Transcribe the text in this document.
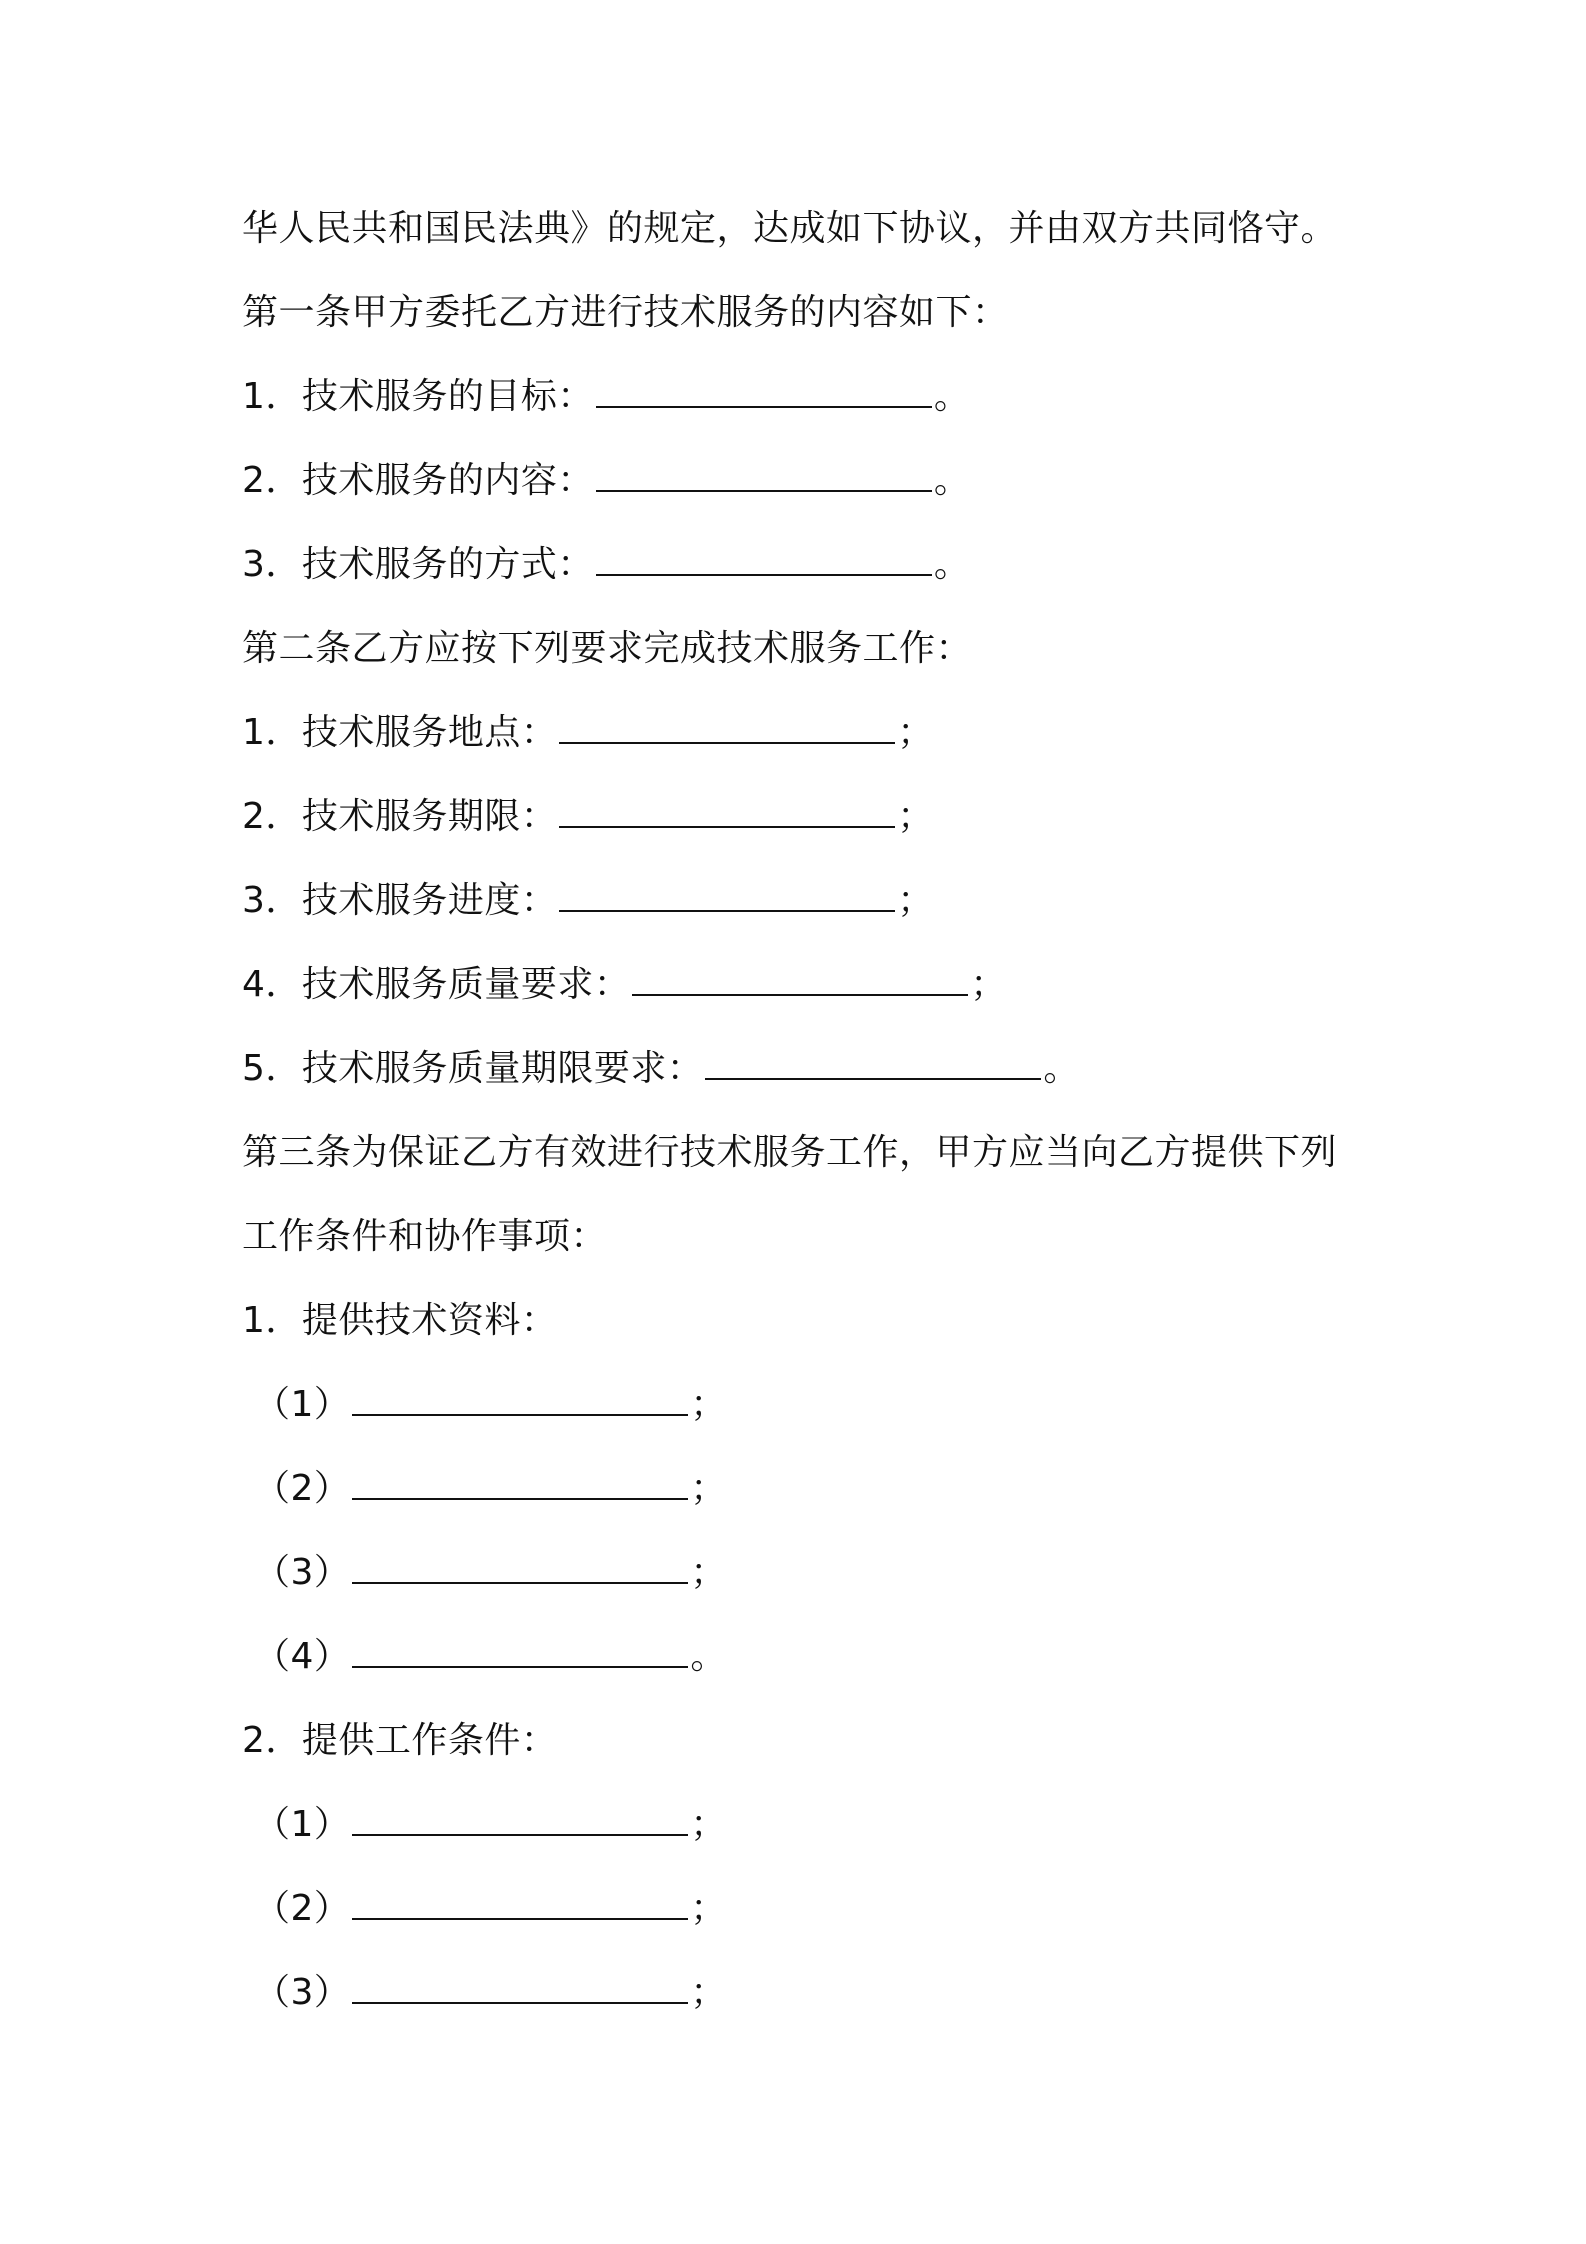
华人民共和国民法典》的规定，达成如下协议，并由双方共同恪守。
第一条甲方委托乙方进行技术服务的内容如下：
1．技术服务的目标：	。
2．技术服务的内容：	。
3．技术服务的方式：	。
第二条乙方应按下列要求完成技术服务工作：
1．技术服务地点：	；
2．技术服务期限：	；
3．技术服务进度：	；
4．技术服务质量要求：	；
5．技术服务质量期限要求：	。
第三条为保证乙方有效进行技术服务工作，甲方应当向乙方提供下列
工作条件和协作事项：
1．提供技术资料：
（1）	；
（2）	；
（3）	；
（4）	。
2．提供工作条件：
（1）	；
（2）	；
（3）	；
